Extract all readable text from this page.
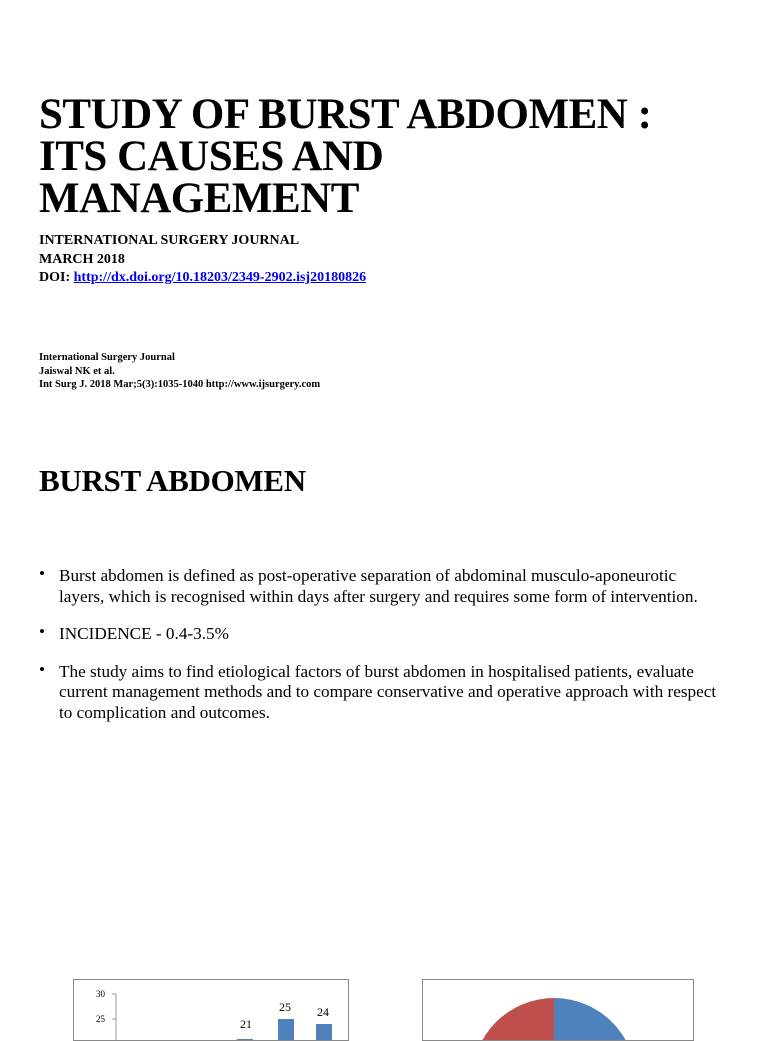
STUDY OF BURST ABDOMEN :
ITS CAUSES AND
MANAGEMENT
INTERNATIONAL SURGERY JOURNAL
MARCH 2018
DOI: http://dx.doi.org/10.18203/2349-2902.isj20180826
International Surgery Journal
Jaiswal NK et al.
Int Surg J. 2018 Mar;5(3):1035-1040 http://www.ijsurgery.com
BURST ABDOMEN
• Burst abdomen is defined as post-operative separation of abdominal musculo-aponeurotic layers, which is recognised within days after surgery and requires some form of intervention.
• INCIDENCE - 0.4-3.5%
• The study aims to find etiological factors of burst abdomen in hospitalised patients, evaluate current management methods and to compare conservative and operative approach with respect to complication and outcomes.
30
25	21
25 24
